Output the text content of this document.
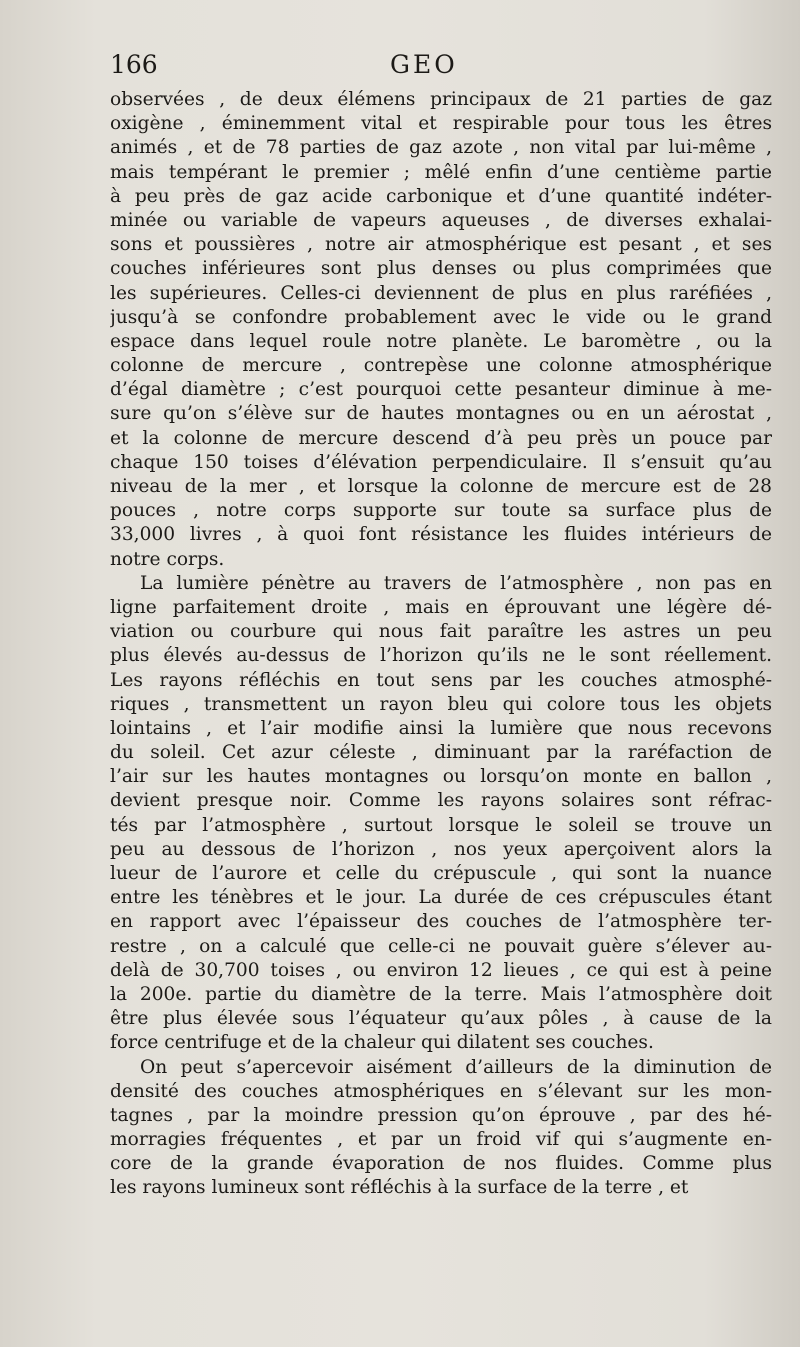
166	GEO
observées , de deux élémens principaux de 21 parties de gaz
oxigène , éminemment vital et respirable pour tous les êtres
animés , et de 78 parties de gaz azote , non vital par lui-même ,
mais tempérant le premier ; mêlé enfin d’une centième partie
à peu près de gaz acide carbonique et d’une quantité indéter-
minée ou variable de vapeurs aqueuses , de diverses exhalai-
sons et poussières , notre air atmosphérique est pesant , et ses
couches inférieures sont plus denses ou plus comprimées que
les supérieures. Celles-ci deviennent de plus en plus raréfiées ,
jusqu’à se confondre probablement avec le vide ou le grand
espace dans lequel roule notre planète. Le baromètre , ou la
colonne de mercure , contrepèse une colonne atmosphérique
d’égal diamètre ; c’est pourquoi cette pesanteur diminue à me-
sure qu’on s’élève sur de hautes montagnes ou en un aérostat ,
et la colonne de mercure descend d’à peu près un pouce par
chaque 150 toises d’élévation perpendiculaire. Il s’ensuit qu’au
niveau de la mer , et lorsque la colonne de mercure est de 28
pouces , notre corps supporte sur toute sa surface plus de
33,000 livres , à quoi font résistance les fluides intérieurs de
notre corps.
La lumière pénètre au travers de l’atmosphère , non pas en
ligne parfaitement droite , mais en éprouvant une légère dé-
viation ou courbure qui nous fait paraître les astres un peu
plus élevés au-dessus de l’horizon qu’ils ne le sont réellement.
Les rayons réfléchis en tout sens par les couches atmosphé-
riques , transmettent un rayon bleu qui colore tous les objets
lointains , et l’air modifie ainsi la lumière que nous recevons
du soleil. Cet azur céleste , diminuant par la raréfaction de
l’air sur les hautes montagnes ou lorsqu’on monte en ballon ,
devient presque noir. Comme les rayons solaires sont réfrac-
tés par l’atmosphère , surtout lorsque le soleil se trouve un
peu au dessous de l’horizon , nos yeux aperçoivent alors la
lueur de l’aurore et celle du crépuscule , qui sont la nuance
entre les ténèbres et le jour. La durée de ces crépuscules étant
en rapport avec l’épaisseur des couches de l’atmosphère ter-
restre , on a calculé que celle-ci ne pouvait guère s’élever au-
delà de 30,700 toises , ou environ 12 lieues , ce qui est à peine
la 200e. partie du diamètre de la terre. Mais l’atmosphère doit
être plus élevée sous l’équateur qu’aux pôles , à cause de la
force centrifuge et de la chaleur qui dilatent ses couches.
On peut s’apercevoir aisément d’ailleurs de la diminution de
densité des couches atmosphériques en s’élevant sur les mon-
tagnes , par la moindre pression qu’on éprouve , par des hé-
morragies fréquentes , et par un froid vif qui s’augmente en-
core de la grande évaporation de nos fluides. Comme plus
les rayons lumineux sont réfléchis à la surface de la terre , et
